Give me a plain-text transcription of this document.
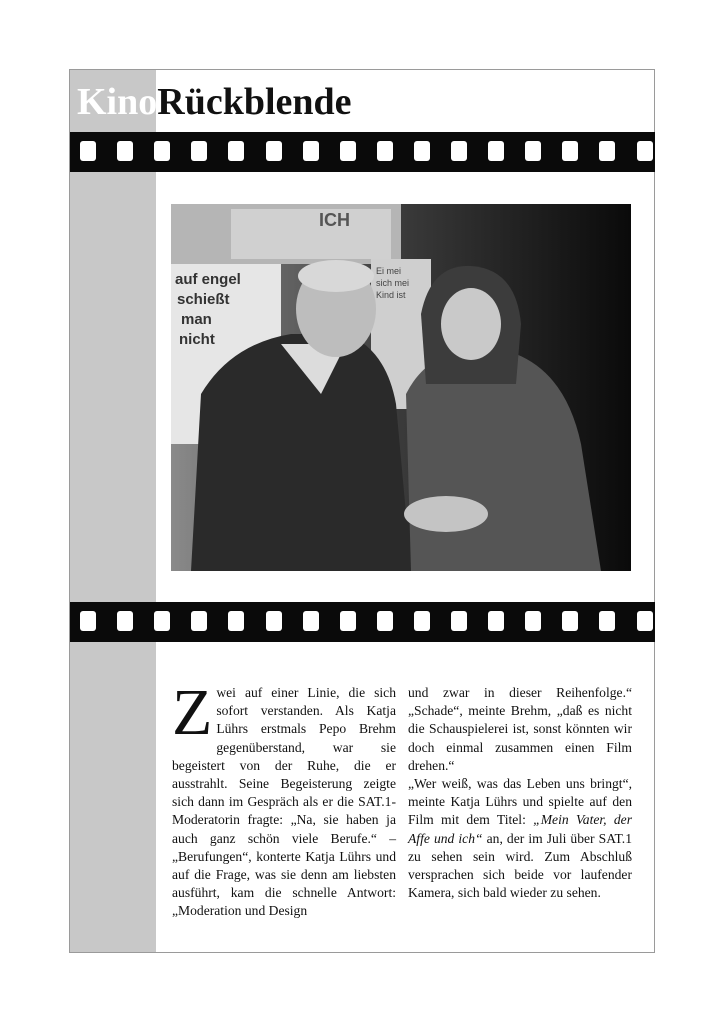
KinoRückblende
ICH
auf engel
schießt
man
nicht
Ei mei
sich mei
Kind ist

Zwei auf einer Linie, die sich sofort verstanden. Als Katja Lührs erstmals Pepo Brehm gegenüberstand, war sie begeistert von der Ruhe, die er ausstrahlt. Seine Begeisterung zeigte sich dann im Gespräch als er die SAT.1-Moderatorin fragte: „Na, sie haben ja auch ganz schön viele Berufe.“ – „Berufungen“, konterte Katja Lührs und auf die Frage, was sie denn am liebsten ausführt, kam die schnelle Antwort: „Moderation und Design

und zwar in dieser Reihenfolge.“ „Schade“, meinte Brehm, „daß es nicht die Schauspielerei ist, sonst könnten wir doch einmal zusammen einen Film drehen.“

„Wer weiß, was das Leben uns bringt“, meinte Katja Lührs und spielte auf den Film mit dem Titel: „Mein Vater, der Affe und ich“ an, der im Juli über SAT.1 zu sehen sein wird. Zum Abschluß versprachen sich beide vor laufender Kamera, sich bald wieder zu sehen.
